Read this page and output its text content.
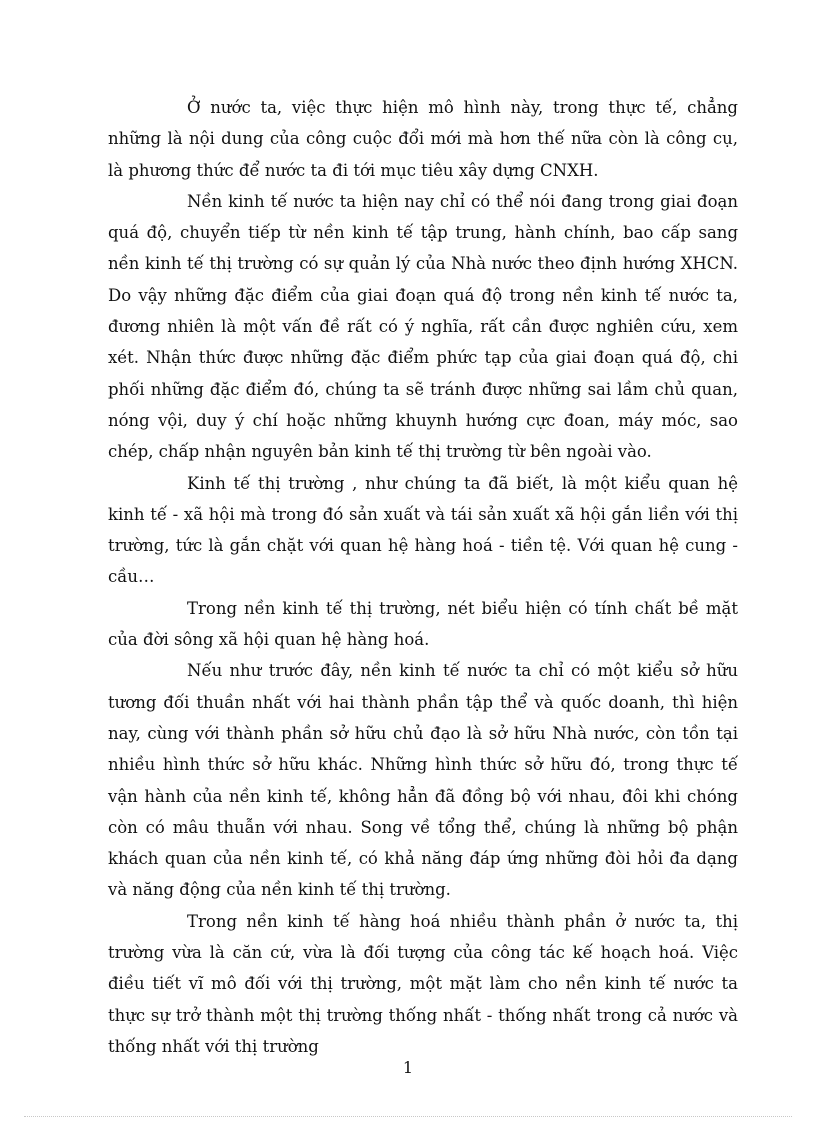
Ở nước ta, việc thực hiện mô hình này, trong thực tế, chẳng những là nội dung của công cuộc đổi mới mà hơn thế nữa còn là công cụ, là phương thức để nước ta đi tới mục tiêu xây dựng CNXH.

Nền kinh tế nước ta hiện nay chỉ có thể nói đang trong giai đoạn quá độ, chuyển tiếp từ nền kinh tế tập trung, hành chính, bao cấp sang nền kinh tế thị trường có sự quản lý của Nhà nước theo định hướng XHCN. Do vậy những đặc điểm của giai đoạn quá độ trong nền kinh tế nước ta, đương nhiên là một vấn đề rất có ý nghĩa, rất cần được nghiên cứu, xem xét. Nhận thức được những đặc điểm phức tạp của giai đoạn quá độ, chi phối những đặc điểm đó, chúng ta sẽ tránh được những sai lầm chủ quan, nóng vội, duy ý chí hoặc những khuynh hướng cực đoan, máy móc, sao chép, chấp nhận nguyên bản kinh tế thị trường từ bên ngoài vào.

Kinh tế thị trường , như chúng ta đã biết, là một kiểu quan hệ kinh tế - xã hội mà trong đó sản xuất và tái sản xuất xã hội gắn liền với thị trường, tức là gắn chặt với quan hệ hàng hoá - tiền tệ. Với quan hệ cung - cầu…

Trong nền kinh tế thị trường, nét biểu hiện có tính chất bề mặt của đời sông xã hội quan hệ hàng hoá.

Nếu như trước đây, nền kinh tế nước ta chỉ có một kiểu sở hữu tương đối thuần nhất với hai thành phần tập thể và quốc doanh, thì hiện nay, cùng với thành phần sở hữu chủ đạo là sở hữu Nhà nước, còn tồn tại nhiều hình thức sở hữu khác. Những hình thức sở hữu đó, trong thực tế vận hành của nền kinh tế, không hẳn đã đồng bộ với nhau, đôi khi chóng còn có mâu thuẫn với nhau. Song về tổng thể, chúng là những bộ phận khách quan của nền kinh tế, có khả năng đáp ứng những đòi hỏi đa dạng và năng động của nền kinh tế thị trường.

Trong nền kinh tế hàng hoá nhiều thành phần ở nước ta, thị trường vừa là căn cứ, vừa là đối tượng của công tác kế hoạch hoá. Việc điều tiết vĩ mô đối với thị trường, một mặt làm cho nền kinh tế nước ta thực sự trở thành một thị trường thống nhất - thống nhất trong cả nước và thống nhất với thị trường

1
